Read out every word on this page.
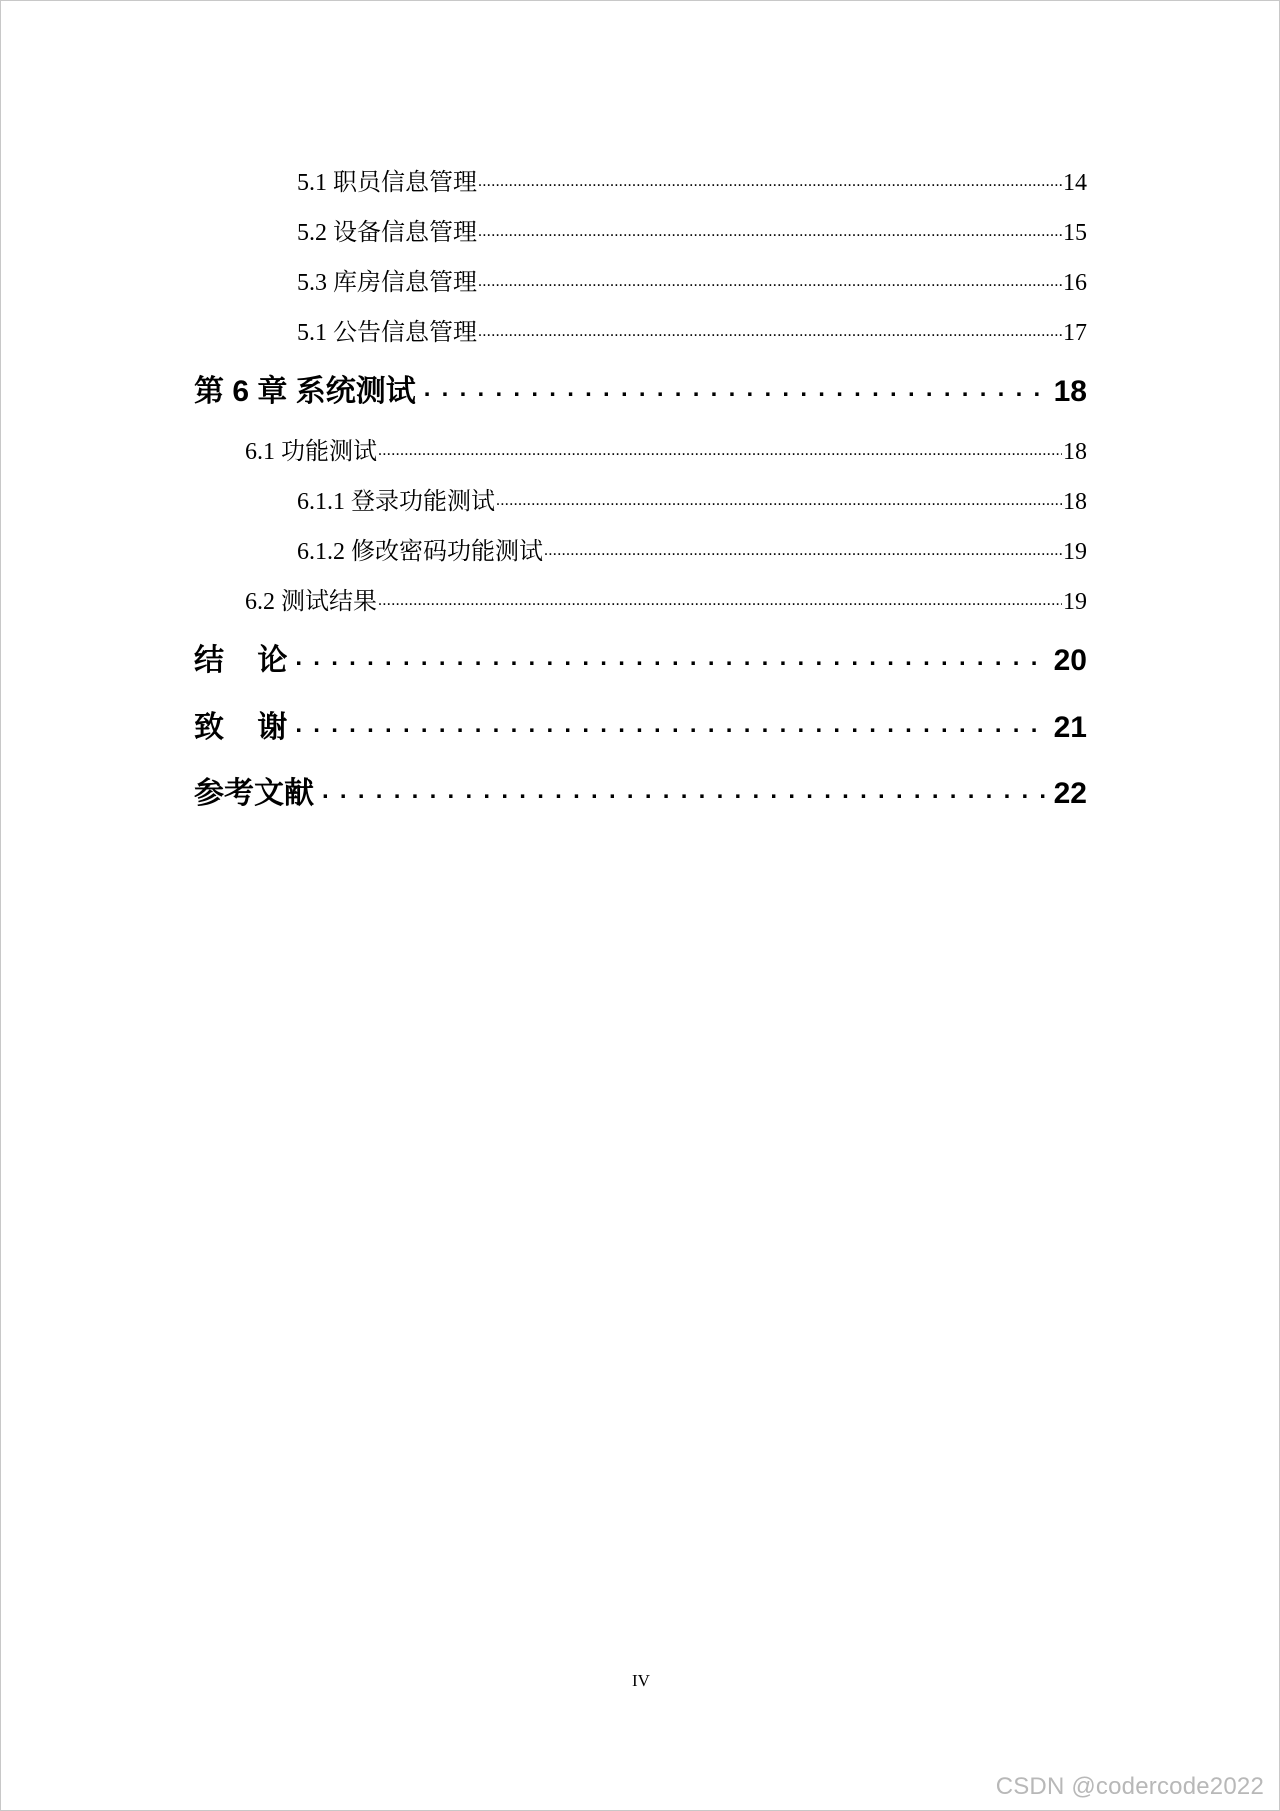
5.1 职员信息管理 .....	14
5.2 设备信息管理 .....	15
5.3 库房信息管理 .....	16
5.1 公告信息管理 .....	17
第 6 章 系统测试 . . .	18
6.1 功能测试 .....	18
6.1.1 登录功能测试 .....	18
6.1.2 修改密码功能测试 .....	19
6.2 测试结果 .....	19
结    论 . . .	20
致    谢 . . .	21
参考文献 . . .	22
IV
CSDN @codercode2022
